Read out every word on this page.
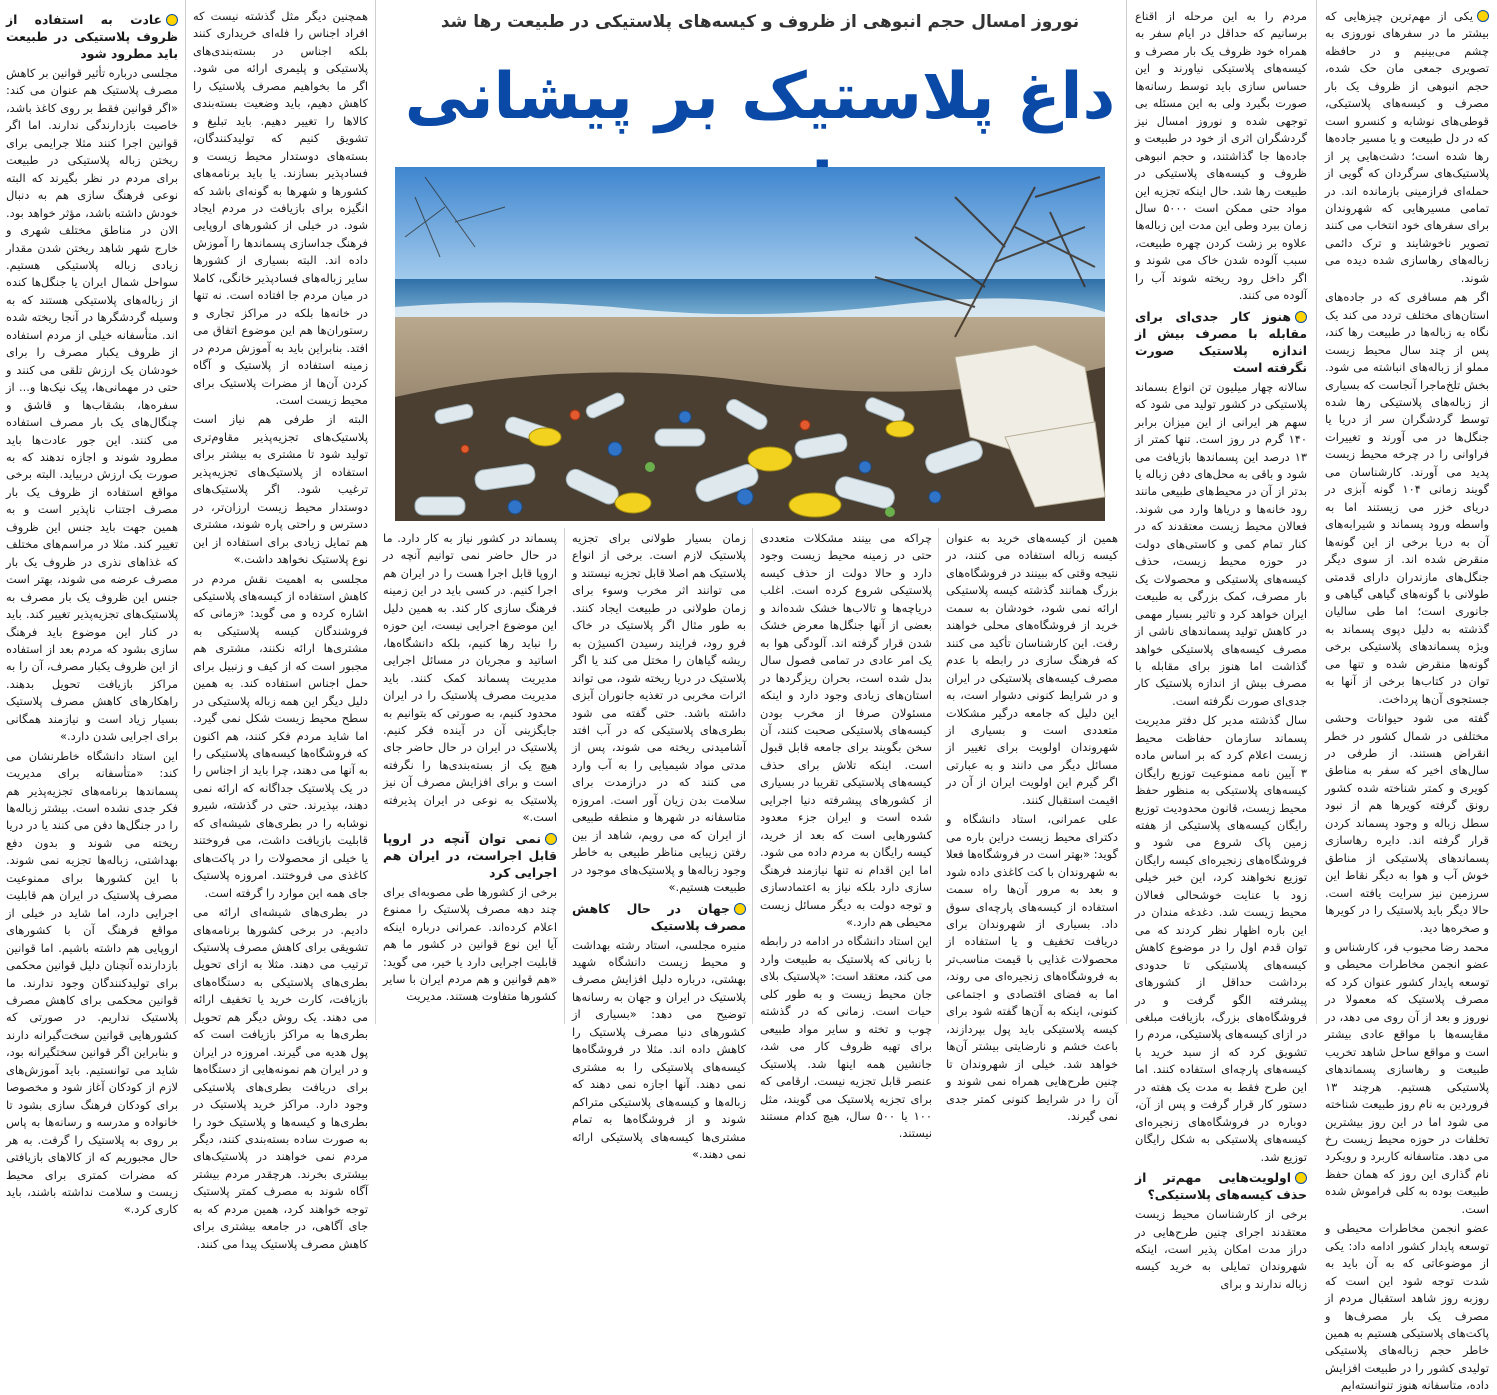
یکی از مهم‌ترین چیزهایی که بیشتر ما در سفرهای نوروزی به چشم می‌بینیم و در حافظه تصویری جمعی مان حک شده، حجم انبوهی از ظروف یک بار مصرف و کیسه‌های پلاستیکی، قوطی‌های نوشابه و کنسرو است که در دل طبیعت و یا مسیر جاده‌ها رها شده است؛ دشت‌هایی پر از پلاستیک‌های سرگردان که گویی از حمله‌ای فرازمینی بازمانده اند. در تمامی مسیرهایی که شهروندان برای سفرهای خود انتخاب می کنند تصویر ناخوشایند و ترک دائمی زباله‌های رهاسازی شده دیده می شوند.

اگر هم مسافری که در جاده‌های استان‌های مختلف تردد می کند یک نگاه به زباله‌ها در طبیعت رها کند، پس از چند سال محیط زیست مملو از زباله‌های انباشته می شود. بخش تلخ‌ماجرا آنجاست که بسیاری از زباله‌های پلاستیکی رها شده توسط گردشگران سر از دریا یا جنگل‌ها در می آورند و تغییرات فراوانی را در چرخه محیط زیست پدید می آورند. کارشناسان می گویند زمانی ۱۰۴ گونه آبزی در دریای خزر می زیستند اما به واسطه ورود پسماند و شیرابه‌های آن به دریا برخی از این گونه‌ها منقرض شده اند. از سوی دیگر جنگل‌های مازندران دارای قدمتی طولانی با گونه‌های گیاهی گیاهی و جانوری است؛ اما طی سالیان گذشته به دلیل دپوی پسماند به ویژه پسماندهای پلاستیکی برخی گونه‌ها منقرض شده و تنها می توان در کتاب‌ها برخی از آنها به جستجوی آن‌ها پرداخت.

گفته می شود حیوانات وحشی مختلفی در شمال کشور در خطر انقراض هستند. از طرفی در سال‌های اخیر که سفر به مناطق کویری و کمتر شناخته شده کشور رونق گرفته کویرها هم از نبود سطل زباله و وجود پسماند کردن قرار گرفته اند. دایره رهاسازی پسماندهای پلاستیکی از مناطق خوش آب و هوا به دیگر نقاط این سرزمین نیز سرایت یافته است. حالا دیگر باید پلاستیک را در کویرها و صخره‌ها دید.

محمد رضا محبوب فر، کارشناس و عضو انجمن مخاطرات محیطی و توسعه پایدار کشور عنوان کرد که مصرف پلاستیک که معمولا در نوروز و بعد از آن روی می دهد، در مقایسه‌ها با مواقع عادی بیشتر است و مواقع ساحل شاهد تخریب طبیعت و رهاسازی پسماندهای پلاستیکی هستیم. هرچند ۱۳ فروردین به نام روز طبیعت شناخته می شود اما در این روز بیشترین تخلفات در حوزه محیط زیست رخ می دهد. متاسفانه کاربرد و رویکرد نام گذاری این روز که همان حفظ طبیعت بوده به کلی فراموش شده است.

عضو انجمن مخاطرات محیطی و توسعه پایدار کشور ادامه داد: یکی از موضوعاتی که به آن باید به شدت توجه شود این است که روزبه روز شاهد استقبال مردم از مصرف یک بار مصرف‌ها و پاکت‌های پلاستیکی هستیم به همین خاطر حجم زباله‌های پلاستیکی تولیدی کشور را در طبیعت افزایش داده، متاسفانه هنوز تنوانسته‌ایم

مردم را به این مرحله از اقناع برسانیم که حداقل در ایام سفر به همراه خود ظروف یک بار مصرف و کیسه‌های پلاستیکی نیاورند و این حساس سازی باید توسط رسانه‌ها صورت بگیرد ولی به این مسئله بی توجهی شده و نوروز امسال نیز گردشگران اثری از خود در طبیعت و جاده‌ها جا گذاشتند، و حجم انبوهی ظروف و کیسه‌های پلاستیکی در طبیعت رها شد. حال اینکه تجزیه این مواد حتی ممکن است ۵۰۰۰ سال زمان ببرد وطی این مدت این زباله‌ها علاوه بر زشت کردن چهره طبیعت، سبب آلوده شدن خاک می شوند و اگر داخل رود ریخته شوند آب را آلوده می کنند.

هنوز کار جدی‌ای برای مقابله با مصرف بیش از اندازه پلاستیک صورت نگرفته است

سالانه چهار میلیون تن انواع بسماند پلاستیکی در کشور تولید می شود که سهم هر ایرانی از این میزان برابر ۱۴۰ گرم در روز است. تنها کمتر از ۱۳ درصد این پسماندها بازیافت می شود و باقی به محل‌های دفن زباله یا بدتر از آن در محیط‌های طبیعی مانند رود خانه‌ها و دریاها وارد می شوند. فعالان محیط زیست معتقدند که در کنار تمام کمی و کاستی‌های دولت در حوزه محیط زیست، حذف کیسه‌های پلاستیکی و محصولات یک بار مصرف، کمک بزرگی به طبیعت ایران خواهد کرد و تاثیر بسیار مهمی در کاهش تولید پسماندهای ناشی از مصرف کیسه‌های پلاستیکی خواهد گذاشت اما هنوز برای مقابله با مصرف بیش از اندازه پلاستیک کار جدی‌ای صورت نگرفته است.

سال گذشته مدیر کل دفتر مدیریت پسماند سازمان حفاظت محیط زیست اعلام کرد که بر اساس ماده ۳ آیین نامه ممنوعیت توزیع رایگان کیسه‌های پلاستیکی به منظور حفظ محیط زیست، قانون محدودیت توزیع رایگان کیسه‌های پلاستیکی از هفته زمین پاک شروع می شود و فروشگاه‌های زنجیره‌ای کیسه رایگان توزیع نخواهند کرد، این خبر خیلی زود با عنایت خوشحالی فعالان محیط زیست شد. دغدغه مندان در این باره اظهار نظر کردند که می توان قدم اول را در موضوع کاهش کیسه‌های پلاستیکی تا حدودی برداشت حداقل از کشورهای پیشرفته الگو گرفت و در فروشگاه‌های بزرگ، بازیافت مبلغی در ازای کیسه‌های پلاستیکی، مردم را تشویق کرد که از سبد خرید با کیسه‌های پارچه‌ای استفاده کنند. اما این طرح فقط به مدت یک هفته در دستور کار قرار گرفت و پس از آن، دوباره در فروشگاه‌های زنجیره‌ای کیسه‌های پلاستیکی به شکل رایگان توزیع شد.

اولویت‌هایی مهم‌تر از حذف کیسه‌های پلاستیکی؟

برخی از کارشناسان محیط زیست معتقدند اجرای چنین طرح‌هایی در دراز مدت امکان پذیر است، اینکه شهروندان تمایلی به خرید کیسه زباله ندارند و برای

نوروز امسال حجم انبوهی از ظروف و کیسه‌های پلاستیکی در طبیعت رها شد
داغ پلاستیک بر پیشانی

همین از کیسه‌های خرید به عنوان کیسه زباله استفاده می کنند، در نتیجه وقتی که ببینند در فروشگاه‌های بزرگ همانند گذشته کیسه پلاستیکی ارائه نمی شود، خودشان به سمت خرید از فروشگاه‌های محلی خواهند رفت. این کارشناسان تأکید می کنند که فرهنگ سازی در رابطه با عدم مصرف کیسه‌های پلاستیکی در ایران و در شرایط کنونی دشوار است، به این دلیل که جامعه درگیر مشکلات متعددی است و بسیاری از شهروندان اولویت برای تغییر از مسائل دیگر می دانند و به عبارتی اگر گیرم این اولویت ایران از آن در اقیمت استقبال کنند.

علی عمرانی، استاد دانشگاه و دکترای محیط زیست دراین باره می گوید: «بهتر است در فروشگاه‌ها فعلا به شهروندان با کت کاغذی داده شود و بعد به مرور آن‌ها راه سمت استفاده از کیسه‌های پارچه‌ای سوق داد. بسیاری از شهروندان برای دریافت تخفیف و یا استفاده از محصولات غذایی با قیمت مناسب‌تر به فروشگاه‌های زنجیره‌ای می روند، اما به فضای اقتصادی و اجتماعی کنونی، اینکه به آن‌ها گفته شود برای کیسه پلاستیکی باید پول بپردازند، باعث خشم و نارضایتی بیشتر آن‌ها خواهد شد. خیلی از شهروندان تا چنین طرح‌هایی همراه نمی شوند و آن را در شرایط کنونی کمتر جدی نمی گیرند.

چراکه می بینند مشکلات متعددی حتی در زمینه محیط زیست وجود دارد و حالا دولت از حذف کیسه پلاستیکی شروع کرده است. اغلب دریاچه‌ها و تالاب‌ها خشک شده‌اند و بعضی از آنها جنگل‌ها معرض خشک شدن قرار گرفته اند. آلودگی هوا به یک امر عادی در تمامی فصول سال بدل شده است، بحران ریزگردها در استان‌های زیادی وجود دارد و اینکه مسئولان صرفا از مخرب بودن کیسه‌های پلاستیکی صحبت کنند، آن سخن بگویند برای جامعه قابل قبول است. اینکه تلاش برای حذف کیسه‌های پلاستیکی تقریبا در بسیاری از کشورهای پیشرفته دنیا اجرایی شده است و ایران جزء معدود کشورهایی است که بعد از خرید، کیسه رایگان به مردم داده می شود. اما این اقدام نه تنها نیازمند فرهنگ سازی دارد بلکه نیاز به اعتمادسازی و توجه دولت به دیگر مسائل زیست محیطی هم دارد.»

این استاد دانشگاه در ادامه در رابطه با زبانی که پلاستیک به طبیعت وارد می کند، معتقد است: «پلاستیک بلای جان محیط زیست و به طور کلی حیات است. زمانی که در گذشته چوب و تخته و سایر مواد طبیعی برای تهیه ظروف کار می شد، جانشین همه اینها شد. پلاستیک عنصر قابل تجزیه نیست. ارقامی که برای تجزیه پلاستیک می گویند، مثل ۱۰۰ یا ۵۰۰ سال، هیچ کدام مستند نیستند.

زمان بسیار طولانی برای تجزیه پلاستیک لازم است. برخی از انواع پلاستیک هم اصلا قابل تجزیه نیستند و می توانند اثر مخرب وسوء برای زمان طولانی در طبیعت ایجاد کنند. به طور مثال اگر پلاستیک در خاک فرو رود، فرایند رسیدن اکسیژن به ریشه گیاهان را مختل می کند یا اگر پلاستیک در دریا ریخته شود، می تواند اثرات مخربی در تغذیه جانوران آبزی داشته باشد. حتی گفته می شود بطری‌های پلاستیکی که در آب افتد آشامیدنی ریخته می شوند، پس از مدتی مواد شیمیایی را به آب وارد می کنند که در درازمدت برای سلامت بدن زیان آور است. امروزه متاسفانه در شهرها و منطقه طبیعی از ایران که می رویم، شاهد از بین رفتن زیبایی مناظر طبیعی به خاطر وجود زباله‌ها و پلاستیک‌های موجود در طبیعت هستیم.»

جهان در حال کاهش مصرف پلاستیک

منیره مجلسی، استاد رشته بهداشت و محیط زیست دانشگاه شهید بهشتی، درباره دلیل افزایش مصرف پلاستیک در ایران و جهان به رسانه‌ها توضیح می دهد: «بسیاری از کشورهای دنیا مصرف پلاستیک را کاهش داده اند. مثلا در فروشگاه‌ها کیسه‌های پلاستیکی را به مشتری نمی دهند. آنها اجازه نمی دهند که زباله‌ها و کیسه‌های پلاستیکی متراکم شوند و از فروشگاه‌ها به تمام مشتری‌ها کیسه‌های پلاستیکی ارائه نمی دهند.»

پسماند در کشور نیاز به کار دارد. ما در حال حاضر نمی توانیم آنچه در اروپا قابل اجرا هست را در ایران هم اجرا کنیم. در کسی باید در این زمینه فرهنگ سازی کار کند. به همین دلیل این موضوع اجرایی نیست، این حوزه را نباید رها کنیم، بلکه دانشگاه‌ها، اساتید و مجریان در مسائل اجرایی مدیریت پسماند کمک کنند. باید مدیریت مصرف پلاستیک را در ایران محدود کنیم، به صورتی که بتوانیم به جایگزینی آن در آینده فکر کنیم. پلاستیک در ایران در حال حاضر جای هیچ یک از بسته‌بندی‌ها را نگرفته است و برای افزایش مصرف آن نیز پلاستیک به نوعی در ایران پذیرفته است.»

نمی توان آنچه در اروپا قابل اجراست، در ایران هم اجرایی کرد

برخی از کشورها طی مصوبه‌ای برای چند دهه مصرف پلاستیک را ممنوع اعلام کرده‌اند. عمرانی درباره اینکه آیا این نوع قوانین در کشور ما هم قابلیت اجرایی دارد یا خیر، می گوید: «هم قوانین و هم مردم ایران با سایر کشورها متفاوت هستند. مدیریت

همچنین دیگر مثل گذشته نیست که افراد اجناس را فله‌ای خریداری کنند بلکه اجناس در بسته‌بندی‌های پلاستیکی و پلیمری ارائه می شود. اگر ما بخواهیم مصرف پلاستیک را کاهش دهیم، باید وضعیت بسته‌بندی کالاها را تغییر دهیم. باید تبلیغ و تشویق کنیم که تولیدکنندگان، بسته‌های دوستدار محیط زیست و فسادپذیر بسازند. یا باید برنامه‌های کشورها و شهرها به گونه‌ای باشد که انگیزه برای بازیافت در مردم ایجاد شود. در خیلی از کشورهای اروپایی فرهنگ جداسازی پسماندها را آموزش داده اند. البته بسیاری از کشورها سایر زباله‌های فسادپذیر خانگی، کاملا در میان مردم جا افتاده است. نه تنها در خانه‌ها بلکه در مراکز تجاری و رستوران‌ها هم این موضوع اتفاق می افتد. بنابراین باید به آموزش مردم در زمینه استفاده از پلاستیک و آگاه کردن آن‌ها از مضرات پلاستیک برای محیط زیست است.

البته از طرفی هم نیاز است پلاستیک‌های تجزیه‌پذیر مقاوم‌تری تولید شود تا مشتری به بیشتر برای استفاده از پلاستیک‌های تجزیه‌پذیر ترغیب شود. اگر پلاستیک‌های دوستدار محیط زیست ارزان‌تر، در دسترس و راحتی پاره شوند، مشتری هم تمایل زیادی برای استفاده از این نوع پلاستیک نخواهد داشت.»

مجلسی به اهمیت نقش مردم در کاهش استفاده از کیسه‌های پلاستیکی اشاره کرده و می گوید: «زمانی که فروشندگان کیسه پلاستیکی به مشتری‌ها ارائه نکنند، مشتری هم مجبور است که از کیف و زنبیل برای حمل اجناس استفاده کند. به همین دلیل دیگر این همه زباله پلاستیکی در سطح محیط زیست شکل نمی گیرد. اما شاید مردم فکر کنند، هم اکنون که فروشگاه‌ها کیسه‌های پلاستیکی را به آنها می دهند، چرا باید از اجناس را در یک پلاستیک جداگانه که ارائه نمی دهند، بپذیرند. حتی در گذشته، شیرو نوشابه را در بطری‌های شیشه‌ای که قابلیت بازیافت داشت، می فروختند یا خیلی از محصولات را در پاکت‌های کاغذی می فروختند. امروزه پلاستیک جای همه این موارد را گرفته است.

در بطری‌های شیشه‌ای ارائه می دادیم. در برخی کشورها برنامه‌های تشویقی برای کاهش مصرف پلاستیک ترتیب می دهند. مثلا به ازای تحویل بطری‌های پلاستیکی به دستگاه‌های بازیافت، کارت خرید یا تخفیف ارائه می دهند. یک روش دیگر هم تحویل بطری‌ها به مراکز بازیافت است که پول هدیه می گیرند. امروزه در ایران و در ایران هم نمونه‌هایی از دستگاه‌ها برای دریافت بطری‌های پلاستیکی وجود دارد. مراکز خرید پلاستیک در بطری‌ها و کیسه‌ها و پلاستیک خود را به صورت ساده بسته‌بندی کنند، دیگر مردم نمی خواهند در پلاستیک‌های بیشتری بخرند. هرچقدر مردم بیشتر آگاه شوند به مصرف کمتر پلاستیک توجه خواهند کرد، همین مردم که به جای آگاهی، در جامعه بیشتری برای کاهش مصرف پلاستیک پیدا می کنند.

عادت به استفاده از ظروف پلاستیکی در طبیعت باید مطرود شود

مجلسی درباره تأثیر قوانین بر کاهش مصرف پلاستیک هم عنوان می کند: «اگر قوانین فقط بر روی کاغذ باشد، خاصیت بازدارندگی ندارند. اما اگر قوانین اجرا کنند مثلا جرایمی برای ریختن زباله پلاستیکی در طبیعت برای مردم در نظر بگیرند که البته نوعی فرهنگ سازی هم به دنبال خودش داشته باشد، مؤثر خواهد بود. الان در مناطق مختلف شهری و خارج شهر شاهد ریختن شدن مقدار زیادی زباله پلاستیکی هستیم. سواحل شمال ایران یا جنگل‌ها کنده از زباله‌های پلاستیکی هستند که به وسیله گردشگرها در آنجا ریخته شده اند. متأسفانه خیلی از مردم استفاده از ظروف یکبار مصرف را برای خودشان یک ارزش تلقی می کنند و حتی در مهمانی‌ها، پیک نیک‌ها و... از سفره‌ها، بشقاب‌ها و قاشق و چنگال‌های یک بار مصرف استفاده می کنند. این جور عادت‌ها باید مطرود شوند و اجازه ندهند که به صورت یک ارزش دربیاید. البته برخی مواقع استفاده از ظروف یک بار مصرف اجتناب ناپذیر است و به همین جهت باید جنس این ظروف تغییر کند. مثلا در مراسم‌های مختلف که غذاهای نذری در ظروف یک بار مصرف عرضه می شوند، بهتر است جنس این ظروف یک بار مصرف به پلاستیک‌های تجزیه‌پذیر تغییر کند. باید در کنار این موضوع باید فرهنگ سازی بشود که مردم بعد از استفاده از این ظروف یکبار مصرف، آن را به مراکز بازیافت تحویل بدهند. راهکارهای کاهش مصرف پلاستیک بسیار زیاد است و نیازمند همگانی برای اجرایی شدن دارد.»

این استاد دانشگاه خاطرنشان می کند: «متأسفانه برای مدیریت پسماندها برنامه‌های تجزیه‌پذیر هم فکر جدی نشده است. بیشتر زباله‌ها را در جنگل‌ها دفن می کنند یا در دریا ریخته می شوند و بدون دفع بهداشتی، زباله‌ها تجزیه نمی شوند. با این کشورها برای ممنوعیت مصرف پلاستیک در ایران هم قابلیت اجرایی دارد، اما شاید در خیلی از مواقع فرهنگ آن با کشورهای اروپایی هم داشته باشیم. اما قوانین بازدارنده آنچنان دلیل قوانین محکمی برای تولیدکنندگان وجود ندارند. ما قوانین محکمی برای کاهش مصرف پلاستیک نداریم. در صورتی که کشورهایی قوانین سخت‌گیرانه دارند و بنابراین اگر قوانین سختگیرانه بود، شاید می توانستیم. باید آموزش‌های لازم از کودکان آغاز شود و مخصوصا برای کودکان فرهنگ سازی بشود تا خانواده و مدرسه و رسانه‌ها به پاس بر روی به پلاستیک را گرفت. به هر حال مجبوریم که از کالاهای بازیافتی که مضرات کمتری برای محیط زیست و سلامت نداشته باشند، باید کاری کرد.»
